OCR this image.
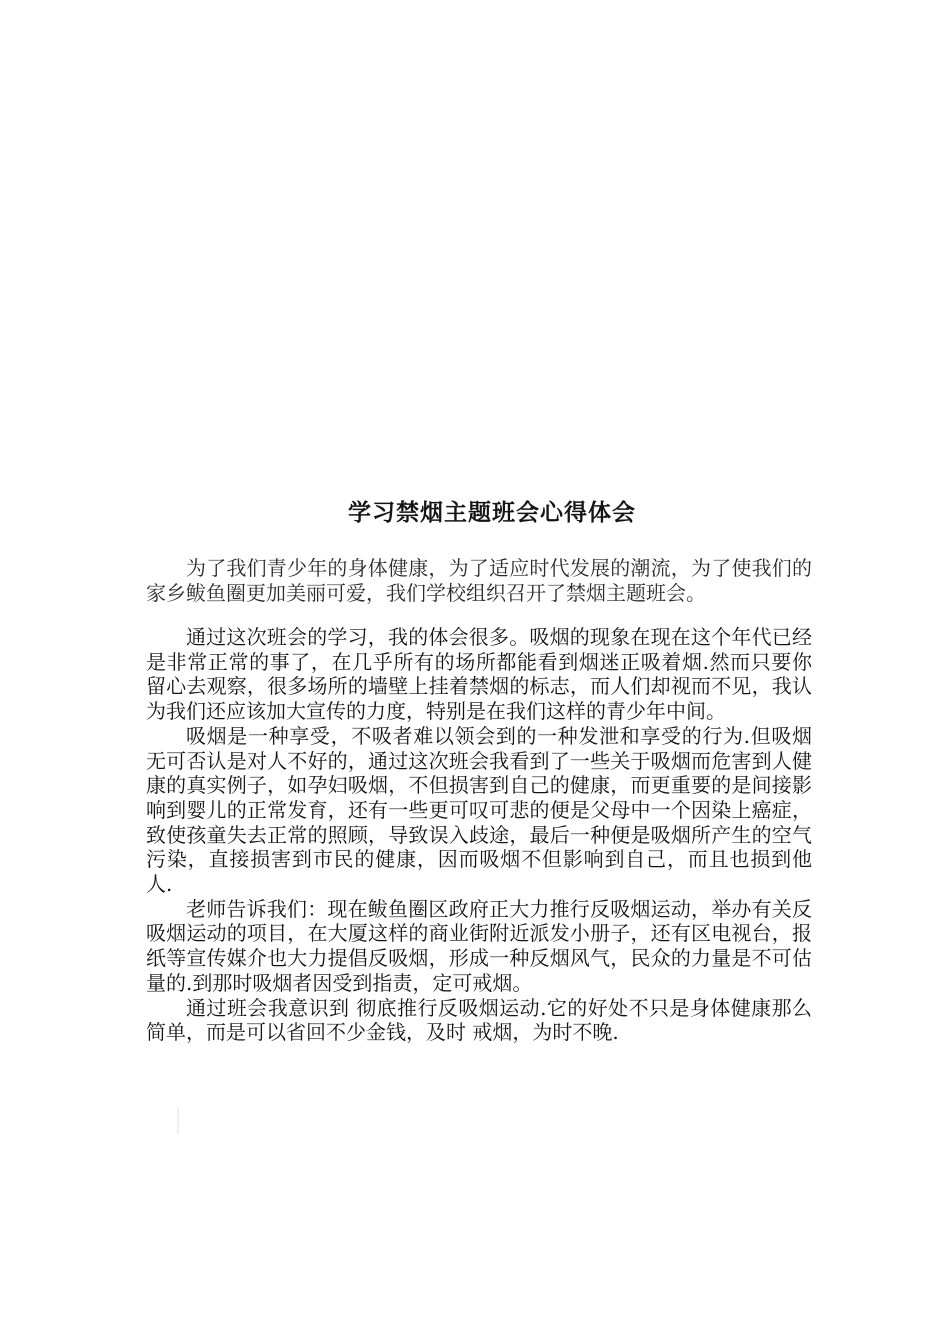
学习禁烟主题班会心得体会

为了我们青少年的身体健康，为了适应时代发展的潮流，为了使我们的家乡鲅鱼圈更加美丽可爱，我们学校组织召开了禁烟主题班会。

通过这次班会的学习，我的体会很多。吸烟的现象在现在这个年代已经是非常正常的事了，在几乎所有的场所都能看到烟迷正吸着烟.然而只要你留心去观察，很多场所的墙壁上挂着禁烟的标志，而人们却视而不见，我认为我们还应该加大宣传的力度，特别是在我们这样的青少年中间。

吸烟是一种享受，不吸者难以领会到的一种发泄和享受的行为.但吸烟无可否认是对人不好的，通过这次班会我看到了一些关于吸烟而危害到人健康的真实例子，如孕妇吸烟，不但损害到自己的健康，而更重要的是间接影响到婴儿的正常发育，还有一些更可叹可悲的便是父母中一个因染上癌症，致使孩童失去正常的照顾，导致误入歧途，最后一种便是吸烟所产生的空气污染，直接损害到市民的健康，因而吸烟不但影响到自己，而且也损到他人.

老师告诉我们：现在鲅鱼圈区政府正大力推行反吸烟运动，举办有关反吸烟运动的项目，在大厦这样的商业街附近派发小册子，还有区电视台，报纸等宣传媒介也大力提倡反吸烟，形成一种反烟风气，民众的力量是不可估量的.到那时吸烟者因受到指责，定可戒烟。

通过班会我意识到 彻底推行反吸烟运动.它的好处不只是身体健康那么简单，而是可以省回不少金钱，及时 戒烟，为时不晚.
